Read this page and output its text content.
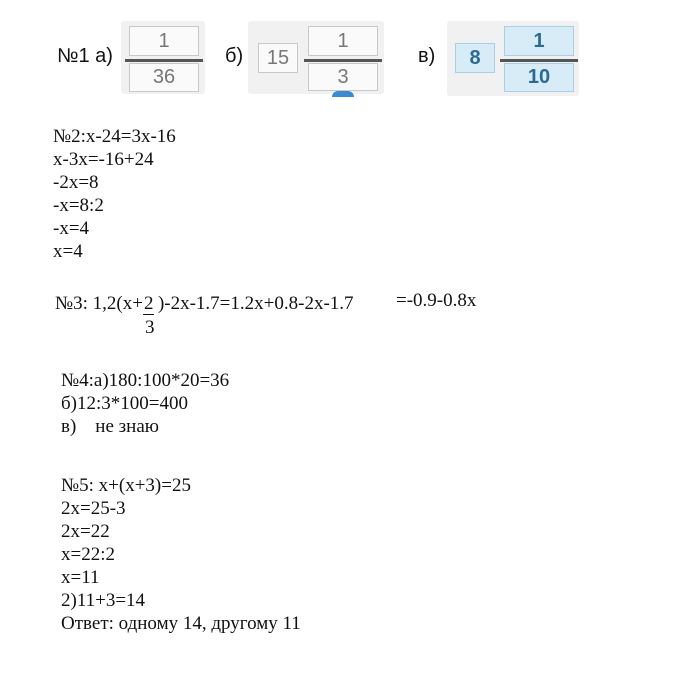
№1 $а) \frac{1}{36} б$)	15
1
3
в)	8
1
10
№2:x-24=3x-16
x-3x=-16+24
-2x=8
-x=8:2
-x=4
x=4
№3: $1,2(x+\frac{2}{3} )-2x-1.7=1.2x+0.8-2x-1.7 =-0.9-0.8x$
№4:а)180:100*20=36
б)12:3*100=400
в)    не знаю
№5: x+(x+3)=25
2x=25-3
2x=22
x=22:2
x=11
2)11+3=14
Ответ: одному 14, другому 11
